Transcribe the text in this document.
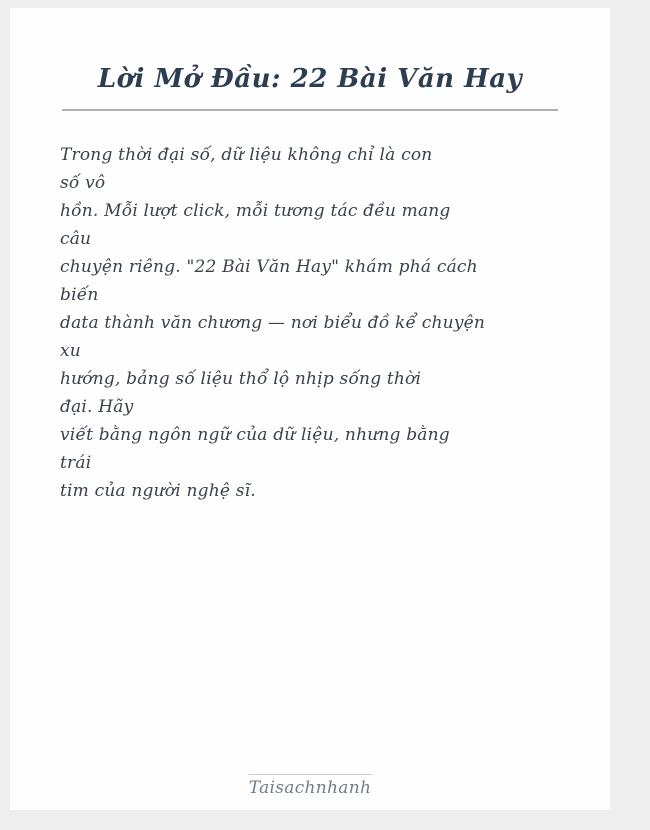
Lời Mở Đầu: 22 Bài Văn Hay
Trong thời đại số, dữ liệu không chỉ là con
số vô
hồn. Mỗi lượt click, mỗi tương tác đều mang
câu
chuyện riêng. "22 Bài Văn Hay" khám phá cách
biến
data thành văn chương — nơi biểu đồ kể chuyện
xu
hướng, bảng số liệu thổ lộ nhịp sống thời
đại. Hãy
viết bằng ngôn ngữ của dữ liệu, nhưng bằng
trái
tim của người nghệ sĩ.
Taisachnhanh
